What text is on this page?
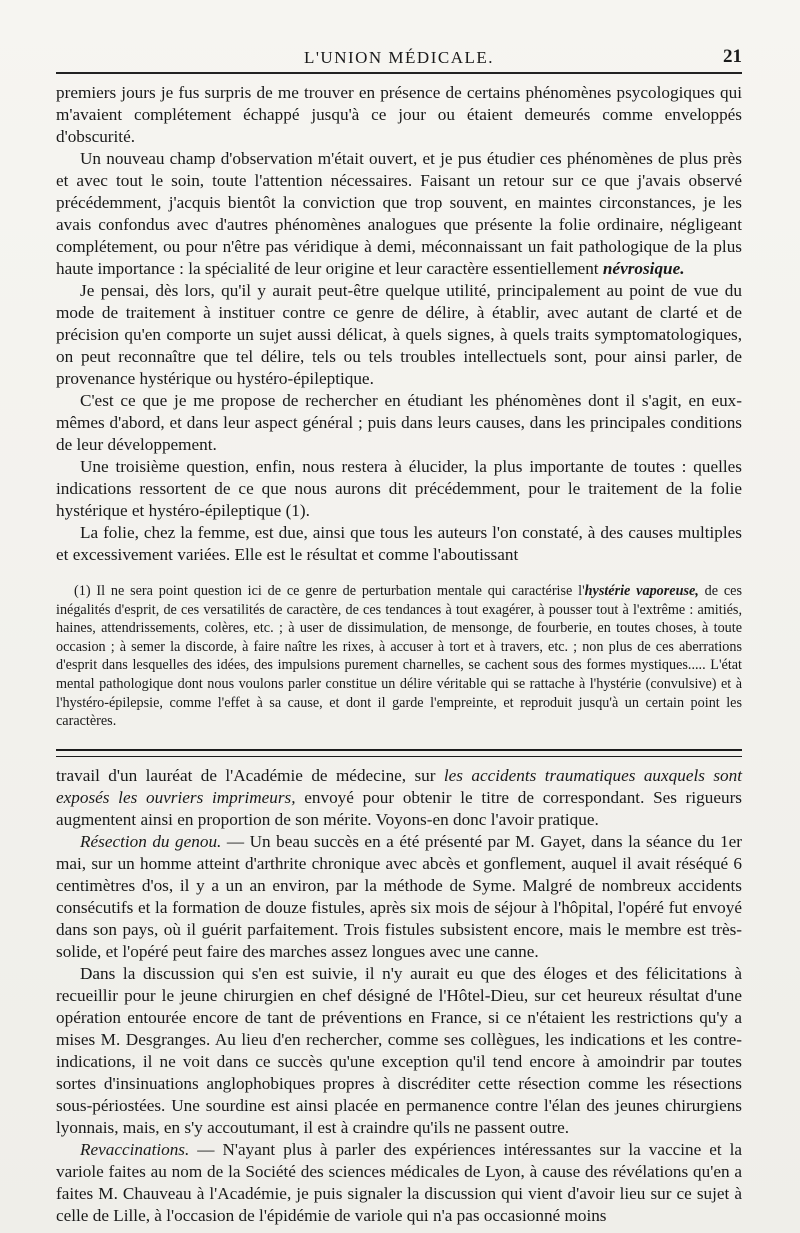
L'UNION MÉDICALE.	21

premiers jours je fus surpris de me trouver en présence de certains phénomènes psycologiques qui m'avaient complétement échappé jusqu'à ce jour ou étaient demeurés comme enveloppés d'obscurité.

Un nouveau champ d'observation m'était ouvert, et je pus étudier ces phénomènes de plus près et avec tout le soin, toute l'attention nécessaires. Faisant un retour sur ce que j'avais observé précédemment, j'acquis bientôt la conviction que trop souvent, en maintes circonstances, je les avais confondus avec d'autres phénomènes analogues que présente la folie ordinaire, négligeant complétement, ou pour n'être pas véridique à demi, méconnaissant un fait pathologique de la plus haute importance : la spécialité de leur origine et leur caractère essentiellement névrosique.

Je pensai, dès lors, qu'il y aurait peut-être quelque utilité, principalement au point de vue du mode de traitement à instituer contre ce genre de délire, à établir, avec autant de clarté et de précision qu'en comporte un sujet aussi délicat, à quels signes, à quels traits symptomatologiques, on peut reconnaître que tel délire, tels ou tels troubles intellectuels sont, pour ainsi parler, de provenance hystérique ou hystéro-épileptique.

C'est ce que je me propose de rechercher en étudiant les phénomènes dont il s'agit, en eux-mêmes d'abord, et dans leur aspect général ; puis dans leurs causes, dans les principales conditions de leur développement.

Une troisième question, enfin, nous restera à élucider, la plus importante de toutes : quelles indications ressortent de ce que nous aurons dit précédemment, pour le traitement de la folie hystérique et hystéro-épileptique (1).

La folie, chez la femme, est due, ainsi que tous les auteurs l'on constaté, à des causes multiples et excessivement variées. Elle est le résultat et comme l'aboutissant

(1) Il ne sera point question ici de ce genre de perturbation mentale qui caractérise l'hystérie vaporeuse, de ces inégalités d'esprit, de ces versatilités de caractère, de ces tendances à tout exagérer, à pousser tout à l'extrême : amitiés, haines, attendrissements, colères, etc. ; à user de dissimulation, de mensonge, de fourberie, en toutes choses, à toute occasion ; à semer la discorde, à faire naître les rixes, à accuser à tort et à travers, etc. ; non plus de ces aberrations d'esprit dans lesquelles des idées, des impulsions purement charnelles, se cachent sous des formes mystiques..... L'état mental pathologique dont nous voulons parler constitue un délire véritable qui se rattache à l'hystérie (convulsive) et à l'hystéro-épilepsie, comme l'effet à sa cause, et dont il garde l'empreinte, et reproduit jusqu'à un certain point les caractères.

travail d'un lauréat de l'Académie de médecine, sur les accidents traumatiques auxquels sont exposés les ouvriers imprimeurs, envoyé pour obtenir le titre de correspondant. Ses rigueurs augmentent ainsi en proportion de son mérite. Voyons-en donc l'avoir pratique.

Résection du genou. — Un beau succès en a été présenté par M. Gayet, dans la séance du 1er mai, sur un homme atteint d'arthrite chronique avec abcès et gonflement, auquel il avait réséqué 6 centimètres d'os, il y a un an environ, par la méthode de Syme. Malgré de nombreux accidents consécutifs et la formation de douze fistules, après six mois de séjour à l'hôpital, l'opéré fut envoyé dans son pays, où il guérit parfaitement. Trois fistules subsistent encore, mais le membre est très-solide, et l'opéré peut faire des marches assez longues avec une canne.

Dans la discussion qui s'en est suivie, il n'y aurait eu que des éloges et des félicitations à recueillir pour le jeune chirurgien en chef désigné de l'Hôtel-Dieu, sur cet heureux résultat d'une opération entourée encore de tant de préventions en France, si ce n'étaient les restrictions qu'y a mises M. Desgranges. Au lieu d'en rechercher, comme ses collègues, les indications et les contre-indications, il ne voit dans ce succès qu'une exception qu'il tend encore à amoindrir par toutes sortes d'insinuations anglophobiques propres à discréditer cette résection comme les résections sous-périostées. Une sourdine est ainsi placée en permanence contre l'élan des jeunes chirurgiens lyonnais, mais, en s'y accoutumant, il est à craindre qu'ils ne passent outre.

Revaccinations. — N'ayant plus à parler des expériences intéressantes sur la vaccine et la variole faites au nom de la Société des sciences médicales de Lyon, à cause des révélations qu'en a faites M. Chauveau à l'Académie, je puis signaler la discussion qui vient d'avoir lieu sur ce sujet à celle de Lille, à l'occasion de l'épidémie de variole qui n'a pas occasionné moins
